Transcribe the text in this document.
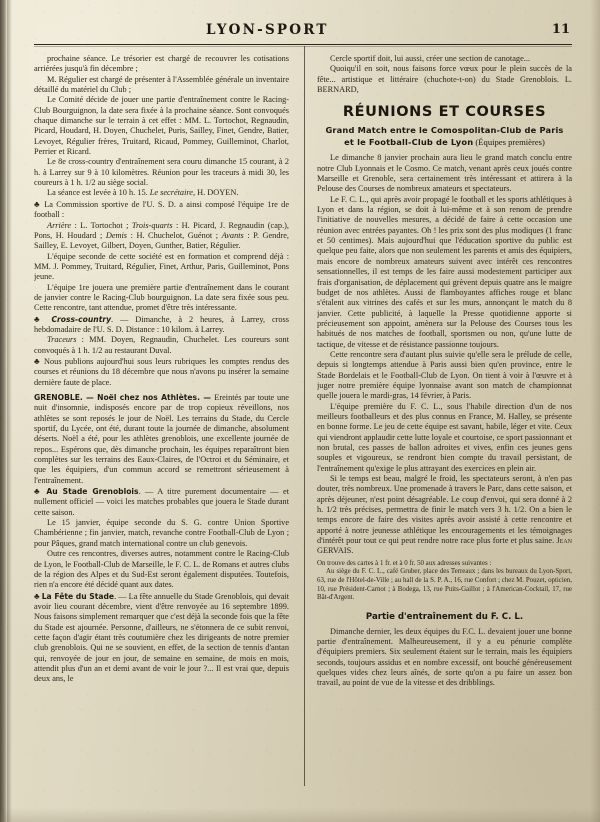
LYON-SPORT	11

prochaine séance. Le trésorier est chargé de recouvrer les cotisations arriérées jusqu'à fin décembre ;

M. Régulier est chargé de présenter à l'Assemblée générale un inventaire détaillé du matériel du Club ;

Le Comité décide de jouer une partie d'entraînement contre le Racing-Club Bourguignon, la date sera fixée à la prochaine séance. Sont convoqués chaque dimanche sur le terrain à cet effet : MM. L. Tortochot, Regnaudin, Picard, Houdard, H. Doyen, Chuchelet, Puris, Sailley, Finet, Gendre, Batier, Levoyet, Régulier frères, Truitard, Ricaud, Pommey, Guilleminot, Charlot, Perrier et Ricard.

Le 8e cross-country d'entraînement sera couru dimanche 15 courant, à 2 h. à Larrey sur 9 à 10 kilomètres. Réunion pour les traceurs à midi 30, les coureurs à 1 h. 1/2 au siège social.

La séance est levée à 10 h. 15. Le secrétaire, H. DOYEN.

♣ La Commission sportive de l'U. S. D. a ainsi composé l'équipe 1re de football :

Arrière : L. Tortochot ; Trois-quarts : H. Picard, J. Regnaudin (cap.), Pons, H. Houdard ; Demis : H. Chuchelot, Guénot ; Avants : P. Gendre, Sailley, E. Levoyet, Gilbert, Doyen, Gunther, Batier, Régulier.

L'équipe seconde de cette société est en formation et comprend déjà : MM. J. Pommey, Truitard, Régulier, Finet, Arthur, Paris, Guilleminot, Pons jeune.

L'équipe 1re jouera une première partie d'entraînement dans le courant de janvier contre le Racing-Club bourguignon. La date sera fixée sous peu. Cette rencontre, tant attendue, promet d'être très intéressante.

♣ Cross-country. — Dimanche, à 2 heures, à Larrey, cross hebdomadaire de l'U. S. D. Distance : 10 kilom. à Larrey.

Traceurs : MM. Doyen, Regnaudin, Chuchelet. Les coureurs sont convoqués à 1 h. 1/2 au restaurant Duval.

♣ Nous publions aujourd'hui sous leurs rubriques les comptes rendus des courses et réunions du 18 décembre que nous n'avons pu insérer la semaine dernière faute de place.

GRENOBLE. — Noël chez nos Athlètes. — Ereintés par toute une nuit d'insomnie, indisposés encore par de trop copieux réveillons, nos athlètes se sont reposés le jour de Noël. Les terrains du Stade, du Cercle sportif, du Lycée, ont été, durant toute la journée de dimanche, absolument déserts. Noël a été, pour les athlètes grenoblois, une excellente journée de repos... Espérons que, dès dimanche prochain, les équipes reparaîtront bien complètes sur les terrains des Eaux-Claires, de l'Octroi et du Séminaire, et que les équipiers, d'un commun accord se remettront sérieusement à l'entraînement.

♣ Au Stade Grenoblois. — A titre purement documentaire — et nullement officiel — voici les matches probables que jouera le Stade durant cette saison.

Le 15 janvier, équipe seconde du S. G. contre Union Sportive Chambérienne ; fin janvier, match, revanche contre Football-Club de Lyon ; pour Pâques, grand match international contre un club genevois.

Outre ces rencontres, diverses autres, notamment contre le Racing-Club de Lyon, le Football-Club de Marseille, le F. C. L. de Romans et autres clubs de la région des Alpes et du Sud-Est seront également disputées. Toutefois, rien n'a encore été décidé quant aux dates.

♣ La Fête du Stade. — La fête annuelle du Stade Grenoblois, qui devait avoir lieu courant décembre, vient d'être renvoyée au 16 septembre 1899. Nous faisons simplement remarquer que c'est déjà la seconde fois que la fête du Stade est ajournée. Personne, d'ailleurs, ne s'étonnera de ce subit renvoi, cette façon d'agir étant très coutumière chez les dirigeants de notre premier club grenoblois. Qui ne se souvient, en effet, de la section de tennis d'antan qui, renvoyée de jour en jour, de semaine en semaine, de mois en mois, attendit plus d'un an et demi avant de voir le jour ?... Il est vrai que, depuis deux ans, le

Cercle sportif doit, lui aussi, créer une section de canotage...

Quoiqu'il en soit, nous faisons force vœux pour le plein succès de la fête... artistique et littéraire (chuchote-t-on) du Stade Grenoblois. L. BERNARD,

RÉUNIONS ET COURSES
Grand Match entre le Comospolitan-Club de Paris
et le Football-Club de Lyon (Équipes premières)

Le dimanche 8 janvier prochain aura lieu le grand match conclu entre notre Club Lyonnais et le Cosmo. Ce match, venant après ceux joués contre Marseille et Grenoble, sera certainement très intéressant et attirera à la Pelouse des Courses de nombreux amateurs et spectateurs.

Le F. C. L., qui après avoir propagé le football et les sports athlétiques à Lyon et dans la région, se doit à lui-même et à son renom de prendre l'initiative de nouvelles mesures, a décidé de faire à cette occasion une réunion avec entrées payantes. Oh ! les prix sont des plus modiques (1 franc et 50 centimes). Mais aujourd'hui que l'éducation sportive du public est quelque peu faite, alors que non seulement les parents et amis des équipiers, mais encore de nombreux amateurs suivent avec intérêt ces rencontres sensationnelles, il est temps de les faire aussi modestement participer aux frais d'organisation, de déplacement qui grèvent depuis quatre ans le maigre budget de nos athlètes. Aussi de flamboyantes affiches rouge et blanc s'étalent aux vitrines des cafés et sur les murs, annonçant le match du 8 janvier. Cette publicité, à laquelle la Presse quotidienne apporte si précieusement son appoint, amènera sur la Pelouse des Courses tous les habitués de nos matches de football, sportsmen ou non, qu'une lutte de tactique, de vitesse et de résistance passionne toujours.

Cette rencontre sera d'autant plus suivie qu'elle sera le prélude de celle, depuis si longtemps attendue à Paris aussi bien qu'en province, entre le Stade Bordelais et le Football-Club de Lyon. On tient à voir à l'œuvre et à juger notre première équipe lyonnaise avant son match de championnat quelle jouera le mardi-gras, 14 février, à Paris.

L'équipe première du F. C. L., sous l'habile direction d'un de nos meilleurs footballeurs et des plus connus en France, M. Halley, se présente en bonne forme. Le jeu de cette équipe est savant, habile, léger et vite. Ceux qui viendront applaudir cette lutte loyale et courtoise, ce sport passionnant et non brutal, ces passes de ballon adroites et vives, enfin ces jeunes gens souples et vigoureux, se rendront bien compte du travail persistant, de l'entraînement qu'exige le plus attrayant des exercices en plein air.

Si le temps est beau, malgré le froid, les spectateurs seront, à n'en pas douter, très nombreux. Une promenade à travers le Parc, dans cette saison, et après déjeuner, n'est point désagréable. Le coup d'envoi, qui sera donné à 2 h. 1/2 très précises, permettra de finir le match vers 3 h. 1/2. On a bien le temps encore de faire des visites après avoir assisté à cette rencontre et apporté à notre jeunesse athlétique les encouragements et les témoignages d'intérêt pour tout ce qui peut rendre notre race plus forte et plus saine. Jean GERVAIS.

On trouve des cartes à 1 fr. et à 0 fr. 50 aux adresses suivantes :

Au siège du F. C. L., café Gruber, place des Terreaux ; dans les bureaux du Lyon-Sport, 63, rue de l'Hôtel-de-Ville ; au hall de la S. P. A., 16, rue Confort ; chez M. Pouzet, opticien, 10, rue Président-Carnot ; à Bodega, 13, rue Puits-Gaillot ; à l'American-Cocktail, 17, rue Bât-d'Argent.

Partie d'entraînement du F. C. L.

Dimanche dernier, les deux équipes du F.C. L. devaient jouer une bonne partie d'entraînement. Malheureusement, il y a eu pénurie complète d'équipiers premiers. Six seulement étaient sur le terrain, mais les équipiers seconds, toujours assidus et en nombre excessif, ont bouché généreusement quelques vides chez leurs aînés, de sorte qu'on a pu faire un assez bon travail, au point de vue de la vitesse et des dribblings.
